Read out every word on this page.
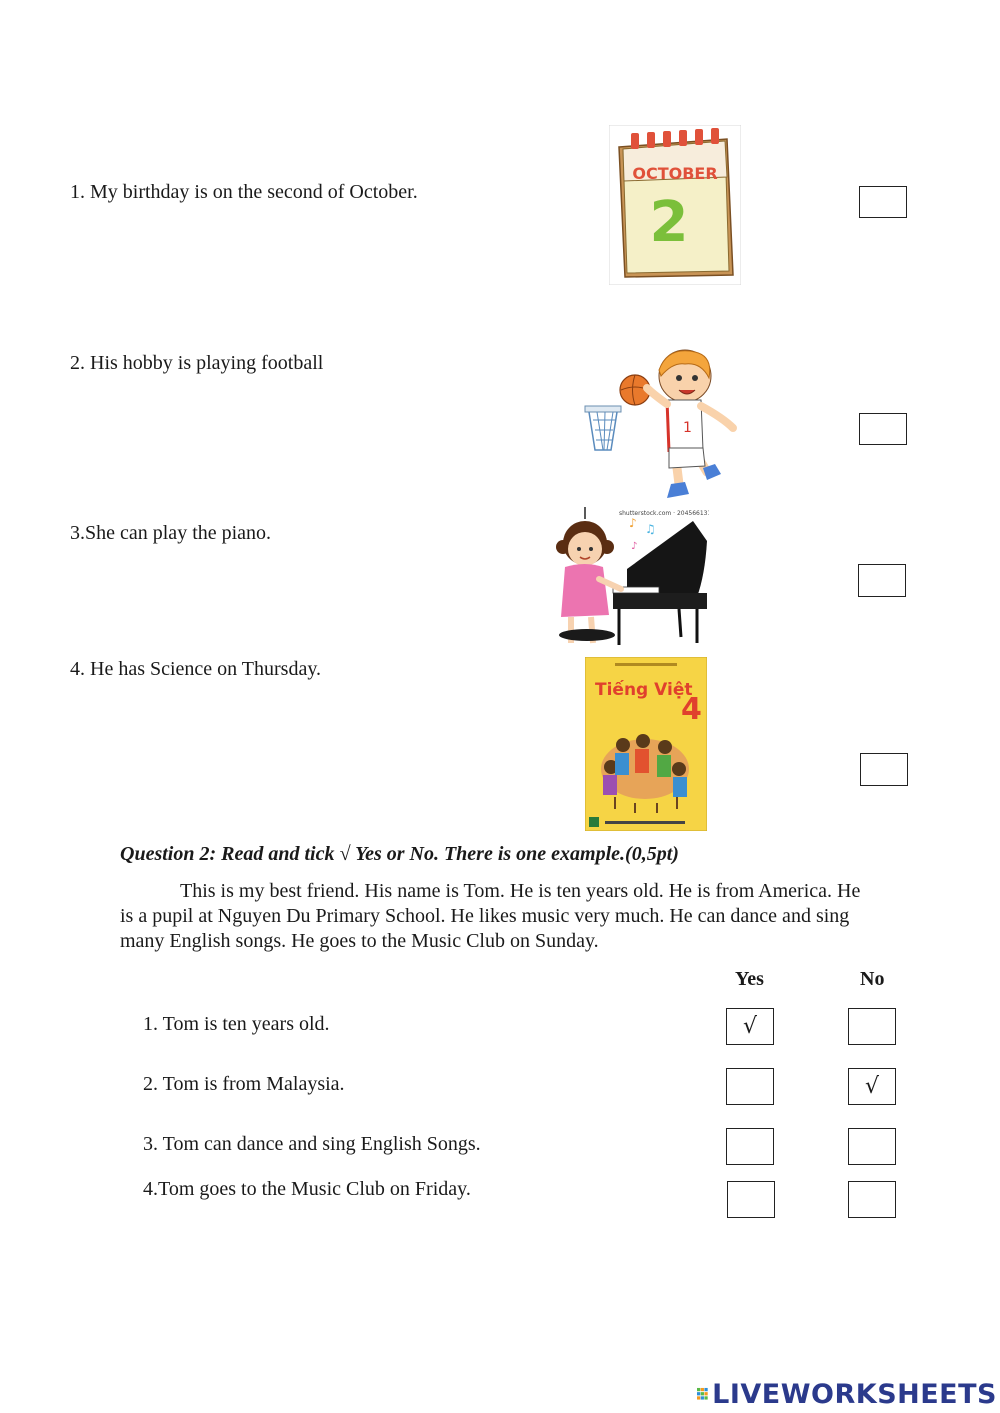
1. My birthday is on the second of October.
2. His hobby is playing football
3.She can play the piano.
4. He has Science on Thursday.
OCTOBER
2
1
shutterstock.com · 204566131
♪ ♫
♪
Tiếng Việt
4
Question 2: Read and tick √ Yes or No. There is one example.(0,5pt)
This is my best friend. His name is Tom. He is ten years old. He is from America. He is a pupil at Nguyen Du Primary School. He likes music very much. He can dance and sing many English songs. He goes to the Music Club on Sunday.
Yes	No
1. Tom is ten years old.
2. Tom is from Malaysia.
3. Tom can dance and sing English Songs.
4.Tom goes to the Music Club on Friday.
√
√
LIVEWORKSHEETS
